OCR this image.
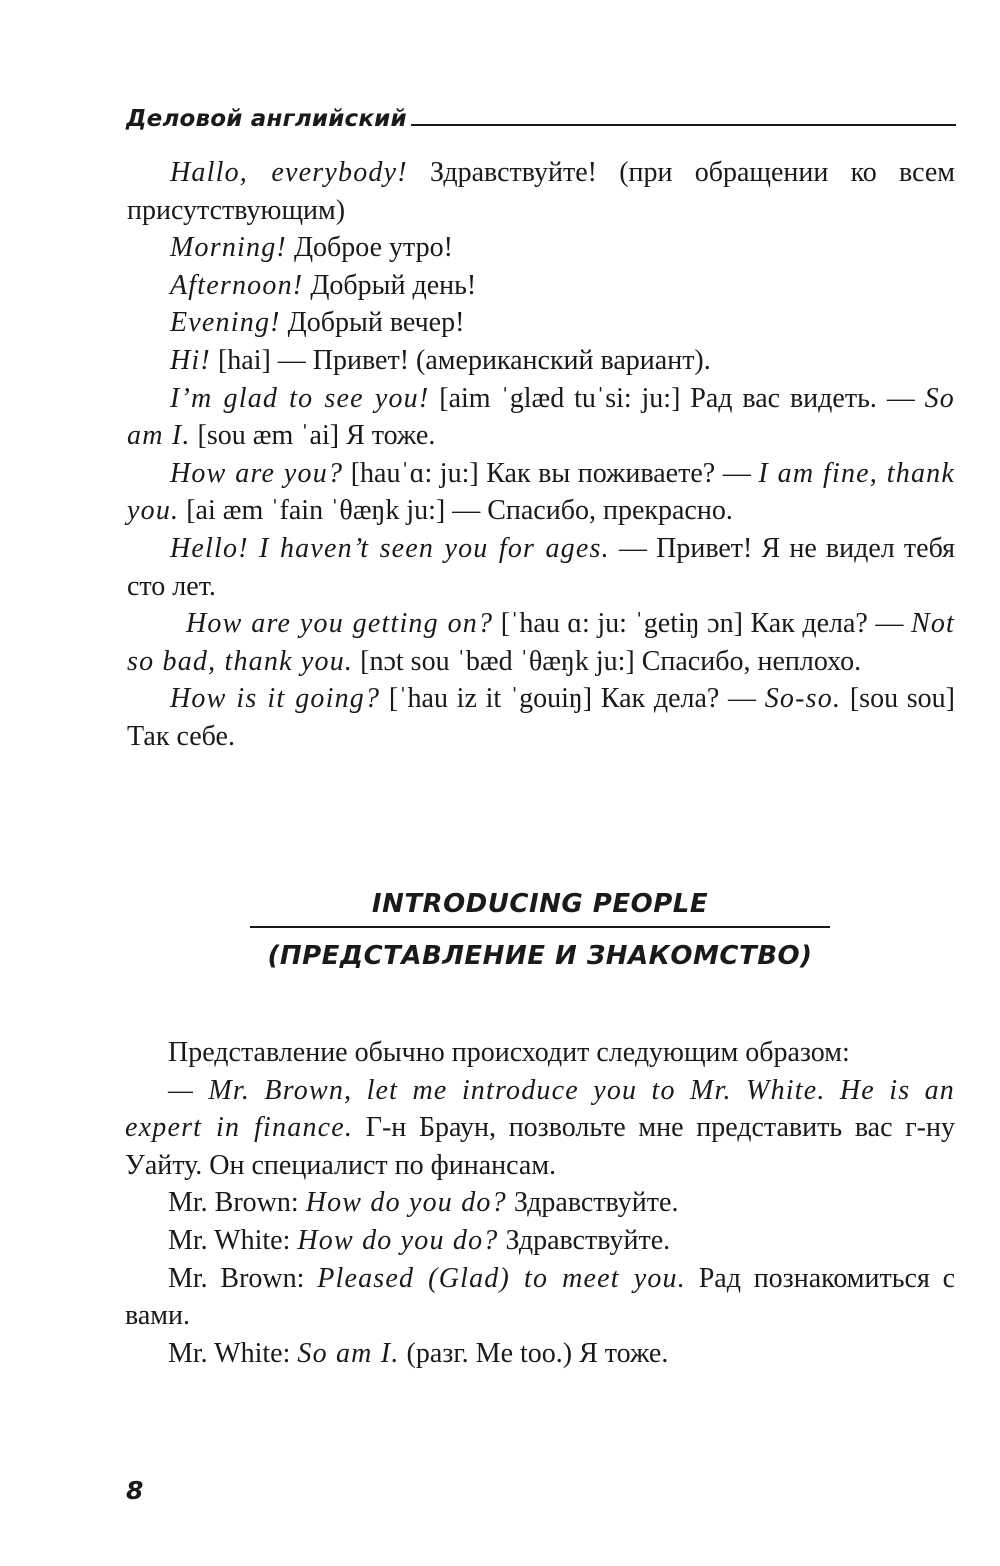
Деловой английский

Hallo, everybody! Здравствуйте! (при обращении ко всем присутствующим)

Morning! Доброе утро!

Afternoon! Добрый день!

Evening! Добрый вечер!

Hi! [hai] — Привет! (американский вариант).

I’m glad to see you! [aim ˈglæd tuˈsi: ju:] Рад вас видеть. — So am I. [sou æm ˈai] Я тоже.

How are you? [hauˈɑ: ju:] Как вы поживаете? — I am fine, thank you. [ai æm ˈfain ˈθæŋk ju:] — Спасибо, прекрасно.

Hello! I haven’t seen you for ages. — Привет! Я не видел тебя сто лет.

How are you getting on? [ˈhau ɑ: ju: ˈgetiŋ ɔn] Как дела? — Not so bad, thank you. [nɔt sou ˈbæd ˈθæŋk ju:] Спасибо, неплохо.

How is it going? [ˈhau iz it ˈgouiŋ] Как дела? — So-so. [sou sou] Так себе.

INTRODUCING PEOPLE
(ПРЕДСТАВЛЕНИЕ И ЗНАКОМСТВО)

Представление обычно происходит следующим образом:

— Mr. Brown, let me introduce you to Mr. White. He is an expert in finance. Г-н Браун, позвольте мне представить вас г-ну Уайту. Он специалист по финансам.

Mr. Brown: How do you do? Здравствуйте.

Mr. White: How do you do? Здравствуйте.

Mr. Brown: Pleased (Glad) to meet you. Рад познакомиться с вами.

Mr. White: So am I. (разг. Me too.) Я тоже.

8
